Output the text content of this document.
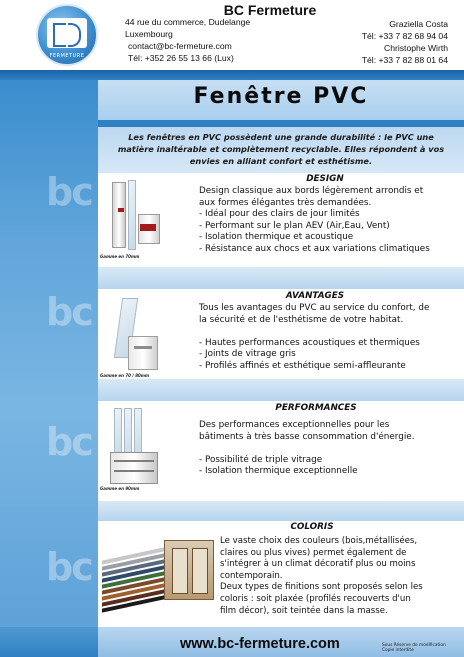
FERMETURE
BC Fermeture
44 rue du commerce, Dudelange
Luxembourg
contact@bc-fermeture.com
Tél: +352 26 55 13 66 (Lux)
Graziella Costa
Tél: +33 7 82 68 94 04
Christophe Wirth
Tél: +33 7 82 88 01 64
bc
bc
bc
bc
Fenêtre PVC
Les fenêtres en PVC possèdent une grande durabilité : le PVC une
matière inaltérable et complètement recyclable. Elles répondent à vos
envies en alliant confort et esthétisme.
DESIGN
Gamme en 70mm
Design classique aux bords légèrement arrondis et
aux formes élégantes très demandées.
- Idéal pour des clairs de jour limités
- Performant sur le plan AEV (Air,Eau, Vent)
- Isolation thermique et acoustique
- Résistance aux chocs et aux variations climatiques
AVANTAGES
Gamme en 70 / 80mm
Tous les avantages du PVC au service du confort, de
la sécurité et de l'esthétisme de votre habitat.
- Hautes performances acoustiques et thermiques
- Joints de vitrage gris
- Profilés affinés et esthétique semi-affleurante
PERFORMANCES
Gamme en 90mm
Des performances exceptionnelles pour les
bâtiments à très basse consommation d'énergie.
- Possibilité de triple vitrage
- Isolation thermique exceptionnelle
COLORIS
Le vaste choix des couleurs (bois,métallisées,
claires ou plus vives) permet également de
s'intégrer à un climat décoratif plus ou moins
contemporain.
Deux types de finitions sont proposés selon les
coloris : soit plaxée (profilés recouverts d'un
film décor), soit teintée dans la masse.
www.bc-fermeture.com	Sous Réserve de modification
Copie interdite
